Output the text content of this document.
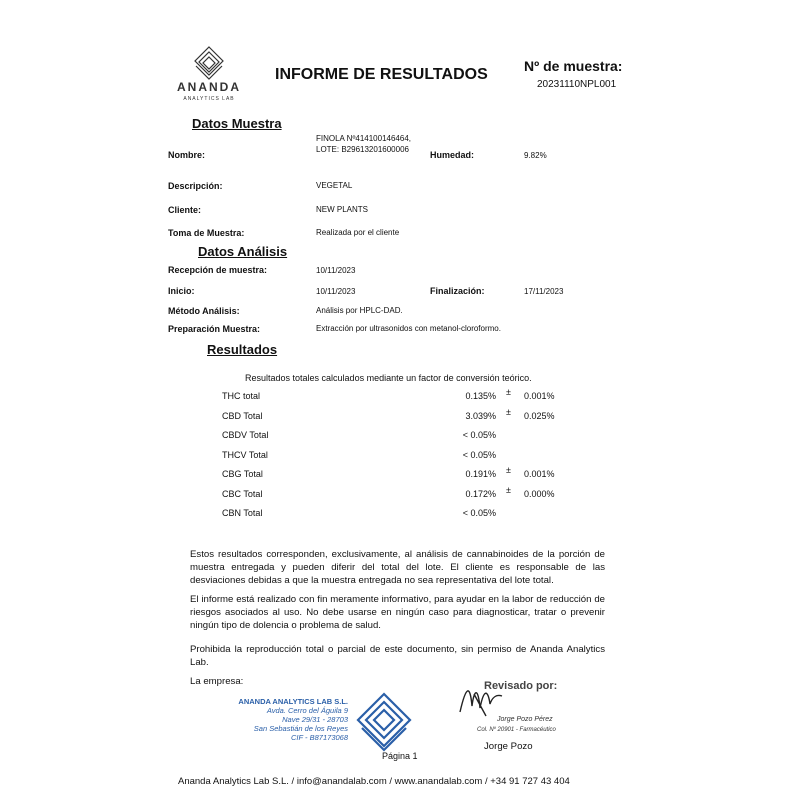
ANANDA
ANALYTICS LAB
INFORME DE RESULTADOS	Nº de muestra:
20231110NPL001
Datos Muestra
Nombre:
FINOLA Nº414100146464,
LOTE: B29613201600006
Humedad:	9.82%
Descripción:	VEGETAL
Cliente:	NEW PLANTS
Toma de Muestra:	Realizada por el cliente
Datos Análisis
Recepción de muestra:	10/11/2023
Inicio:	10/11/2023	Finalización:	17/11/2023
Método Análisis:	Análisis por HPLC-DAD.
Preparación Muestra:	Extracción por ultrasonidos con metanol-cloroformo.
Resultados
Resultados totales calculados mediante un factor de conversión teórico.
THC total	0.135% ± 0.001%
CBD Total	3.039% ± 0.025%
CBDV Total	< 0.05%
THCV Total	< 0.05%
CBG Total	0.191% ± 0.001%
CBC Total	0.172% ± 0.000%
CBN Total	< 0.05%
Estos resultados corresponden, exclusivamente, al análisis de cannabinoides de la porción de muestra entregada y pueden diferir del total del lote. El cliente es responsable de las desviaciones debidas a que la muestra entregada no sea representativa del lote total.
El informe está realizado con fin meramente informativo, para ayudar en la labor de reducción de riesgos asociados al uso. No debe usarse en ningún caso para diagnosticar, tratar o prevenir ningún tipo de dolencia o problema de salud.
Prohibida la reproducción total o parcial de este documento, sin permiso de Ananda Analytics Lab.
La empresa:
ANANDA ANALYTICS LAB S.L.
Avda. Cerro del Águila 9
Nave 29/31 - 28703
San Sebastián de los Reyes
CIF - B87173068
Revisado por:
Jorge Pozo Pérez
Col. Nº 20901 - Farmacéutico
Jorge Pozo
Página 1
Ananda Analytics Lab S.L. / info@anandalab.com / www.anandalab.com / +34 91 727 43 404
